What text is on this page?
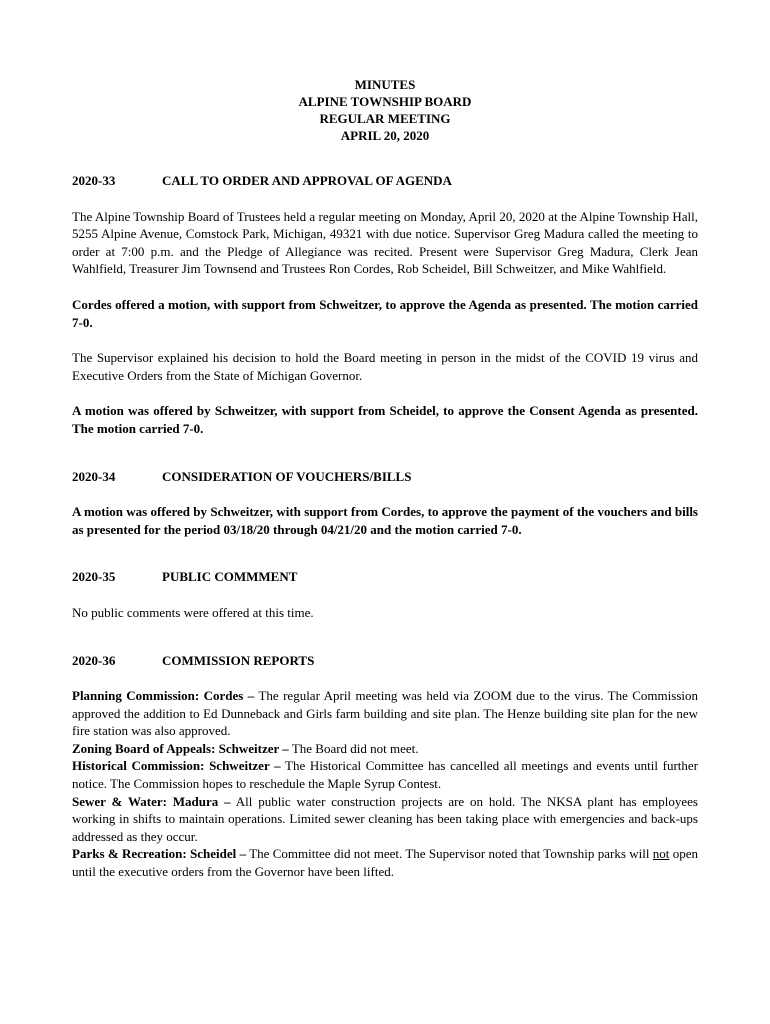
MINUTES
ALPINE TOWNSHIP BOARD
REGULAR MEETING
APRIL 20, 2020
2020-33	CALL TO ORDER AND APPROVAL OF AGENDA

The Alpine Township Board of Trustees held a regular meeting on Monday, April 20, 2020 at the Alpine Township Hall, 5255 Alpine Avenue, Comstock Park, Michigan, 49321 with due notice. Supervisor Greg Madura called the meeting to order at 7:00 p.m. and the Pledge of Allegiance was recited. Present were Supervisor Greg Madura, Clerk Jean Wahlfield, Treasurer Jim Townsend and Trustees Ron Cordes, Rob Scheidel, Bill Schweitzer, and Mike Wahlfield.

Cordes offered a motion, with support from Schweitzer, to approve the Agenda as presented. The motion carried 7-0.

The Supervisor explained his decision to hold the Board meeting in person in the midst of the COVID 19 virus and Executive Orders from the State of Michigan Governor.

A motion was offered by Schweitzer, with support from Scheidel, to approve the Consent Agenda as presented. The motion carried 7-0.

2020-34	CONSIDERATION OF VOUCHERS/BILLS

A motion was offered by Schweitzer, with support from Cordes, to approve the payment of the vouchers and bills as presented for the period 03/18/20 through 04/21/20 and the motion carried 7-0.

2020-35	PUBLIC COMMMENT

No public comments were offered at this time.

2020-36	COMMISSION REPORTS

Planning Commission: Cordes – The regular April meeting was held via ZOOM due to the virus. The Commission approved the addition to Ed Dunneback and Girls farm building and site plan. The Henze building site plan for the new fire station was also approved.

Zoning Board of Appeals: Schweitzer – The Board did not meet.

Historical Commission: Schweitzer – The Historical Committee has cancelled all meetings and events until further notice. The Commission hopes to reschedule the Maple Syrup Contest.

Sewer & Water: Madura – All public water construction projects are on hold. The NKSA plant has employees working in shifts to maintain operations. Limited sewer cleaning has been taking place with emergencies and back-ups addressed as they occur.

Parks & Recreation: Scheidel – The Committee did not meet. The Supervisor noted that Township parks will not open until the executive orders from the Governor have been lifted.
